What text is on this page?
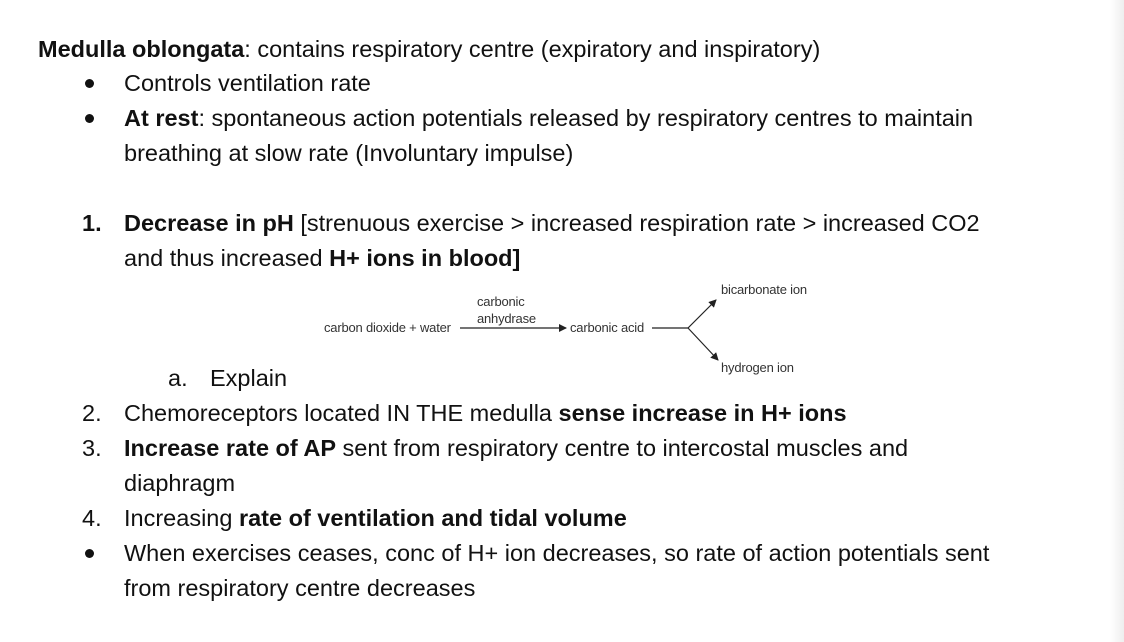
Medulla oblongata: contains respiratory centre (expiratory and inspiratory)
Controls ventilation rate
At rest: spontaneous action potentials released by respiratory centres to maintain
breathing at slow rate (Involuntary impulse)
1. Decrease in pH [strenuous exercise > increased respiration rate > increased CO2
and thus increased H+ ions in blood]
carbon dioxide + water
carbonic
anhydrase
carbonic acid
bicarbonate ion
hydrogen ion
a. Explain
2. Chemoreceptors located IN THE medulla sense increase in H+ ions
3. Increase rate of AP sent from respiratory centre to intercostal muscles and
diaphragm
4. Increasing rate of ventilation and tidal volume
When exercises ceases, conc of H+ ion decreases, so rate of action potentials sent
from respiratory centre decreases
